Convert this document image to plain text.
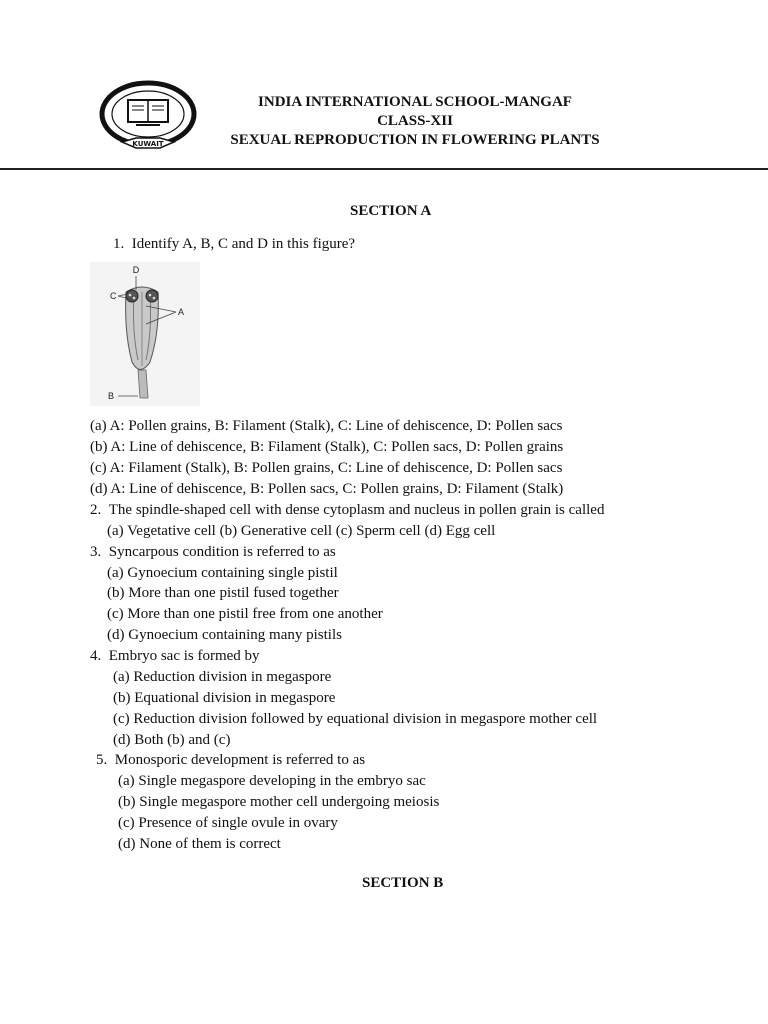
KUWAIT
INDIA INTERNATIONAL SCHOOL-MANGAF
CLASS-XII
SEXUAL REPRODUCTION IN FLOWERING PLANTS
SECTION A
1.  Identify A, B, C and D in this figure?
D
C
A
B
(a) A: Pollen grains, B: Filament (Stalk), C: Line of dehiscence, D: Pollen sacs
(b) A: Line of dehiscence, B: Filament (Stalk), C: Pollen sacs, D: Pollen grains
(c) A: Filament (Stalk), B: Pollen grains, C: Line of dehiscence, D: Pollen sacs
(d) A: Line of dehiscence, B: Pollen sacs, C: Pollen grains, D: Filament (Stalk)
2.  The spindle-shaped cell with dense cytoplasm and nucleus in pollen grain is called
(a) Vegetative cell (b) Generative cell (c) Sperm cell (d) Egg cell
3.  Syncarpous condition is referred to as
(a) Gynoecium containing single pistil
(b) More than one pistil fused together
(c) More than one pistil free from one another
(d) Gynoecium containing many pistils
4.  Embryo sac is formed by
(a) Reduction division in megaspore
(b) Equational division in megaspore
(c) Reduction division followed by equational division in megaspore mother cell
(d) Both (b) and (c)
5.  Monosporic development is referred to as
(a) Single megaspore developing in the embryo sac
(b) Single megaspore mother cell undergoing meiosis
(c) Presence of single ovule in ovary
(d) None of them is correct
SECTION B
